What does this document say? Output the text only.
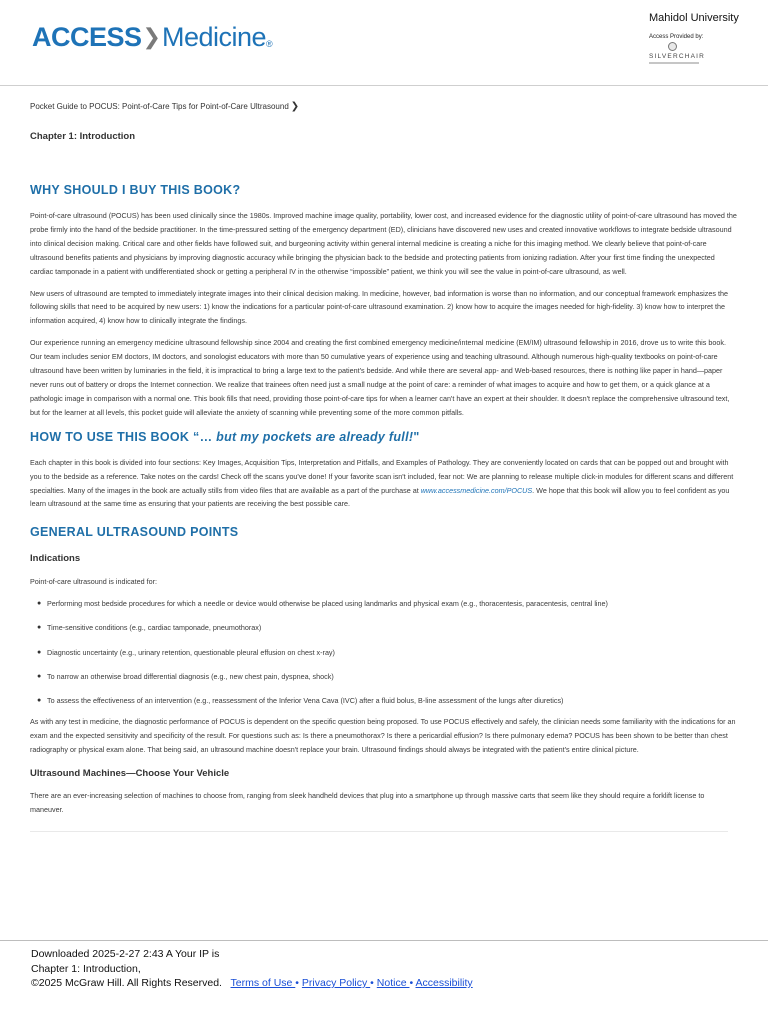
ACCESS ❯ Medicine ®
Mahidol University
Access Provided by:
SILVERCHAIR
Pocket Guide to POCUS: Point-of-Care Tips for Point-of-Care Ultrasound ❯
Chapter 1: Introduction
WHY SHOULD I BUY THIS BOOK?

Point-of-care ultrasound (POCUS) has been used clinically since the 1980s. Improved machine image quality, portability, lower cost, and increased evidence for the diagnostic utility of point-of-care ultrasound has moved the probe firmly into the hand of the bedside practitioner. In the time-pressured setting of the emergency department (ED), clinicians have discovered new uses and created innovative workflows to integrate bedside ultrasound into clinical decision making. Critical care and other fields have followed suit, and burgeoning activity within general internal medicine is creating a niche for this imaging method. We clearly believe that point-of-care ultrasound benefits patients and physicians by improving diagnostic accuracy while bringing the physician back to the bedside and protecting patients from ionizing radiation. After your first time finding the unexpected cardiac tamponade in a patient with undifferentiated shock or getting a peripheral IV in the otherwise “impossible” patient, we think you will see the value in point-of-care ultrasound, as well.

New users of ultrasound are tempted to immediately integrate images into their clinical decision making. In medicine, however, bad information is worse than no information, and our conceptual framework emphasizes the following skills that need to be acquired by new users: 1) know the indications for a particular point-of-care ultrasound examination. 2) know how to acquire the images needed for high-fidelity. 3) know how to interpret the information acquired, 4) know how to clinically integrate the findings.

Our experience running an emergency medicine ultrasound fellowship since 2004 and creating the first combined emergency medicine/internal medicine (EM/IM) ultrasound fellowship in 2016, drove us to write this book. Our team includes senior EM doctors, IM doctors, and sonologist educators with more than 50 cumulative years of experience using and teaching ultrasound. Although numerous high-quality textbooks on point-of-care ultrasound have been written by luminaries in the field, it is impractical to bring a large text to the patient's bedside. And while there are several app- and Web-based resources, there is nothing like paper in hand—paper never runs out of battery or drops the Internet connection. We realize that trainees often need just a small nudge at the point of care: a reminder of what images to acquire and how to get them, or a quick glance at a pathologic image in comparison with a normal one. This book fills that need, providing those point-of-care tips for when a learner can't have an expert at their shoulder. It doesn't replace the comprehensive ultrasound text, but for the learner at all levels, this pocket guide will alleviate the anxiety of scanning while preventing some of the more common pitfalls.

HOW TO USE THIS BOOK “… but my pockets are already full!"

Each chapter in this book is divided into four sections: Key Images, Acquisition Tips, Interpretation and Pitfalls, and Examples of Pathology. They are conveniently located on cards that can be popped out and brought with you to the bedside as a reference. Take notes on the cards! Check off the scans you've done! If your favorite scan isn't included, fear not: We are planning to release multiple click-in modules for different scans and different specialties. Many of the images in the book are actually stills from video files that are available as a part of the purchase at www.accessmedicine.com/POCUS. We hope that this book will allow you to feel confident as you learn ultrasound at the same time as ensuring that your patients are receiving the best possible care.

GENERAL ULTRASOUND POINTS
Indications

Point-of-care ultrasound is indicated for:

● Performing most bedside procedures for which a needle or device would otherwise be placed using landmarks and physical exam (e.g., thoracentesis, paracentesis, central line)
● Time-sensitive conditions (e.g., cardiac tamponade, pneumothorax)
● Diagnostic uncertainty (e.g., urinary retention, questionable pleural effusion on chest x-ray)
● To narrow an otherwise broad differential diagnosis (e.g., new chest pain, dyspnea, shock)
● To assess the effectiveness of an intervention (e.g., reassessment of the Inferior Vena Cava (IVC) after a fluid bolus, B-line assessment of the lungs after diuretics)

As with any test in medicine, the diagnostic performance of POCUS is dependent on the specific question being proposed. To use POCUS effectively and safely, the clinician needs some familiarity with the indications for an exam and the expected sensitivity and specificity of the result. For questions such as: Is there a pneumothorax? Is there a pericardial effusion? Is there pulmonary edema? POCUS has been shown to be better than chest radiography or physical exam alone. That being said, an ultrasound machine doesn't replace your brain. Ultrasound findings should always be integrated with the patient's entire clinical picture.

Ultrasound Machines—Choose Your Vehicle

There are an ever-increasing selection of machines to choose from, ranging from sleek handheld devices that plug into a smartphone up through massive carts that seem like they should require a forklift license to maneuver.

Downloaded 2025-2-27 2:43 A Your IP is
Chapter 1: Introduction,
©2025 McGraw Hill. All Rights Reserved. Terms of Use • Privacy Policy • Notice • Accessibility
